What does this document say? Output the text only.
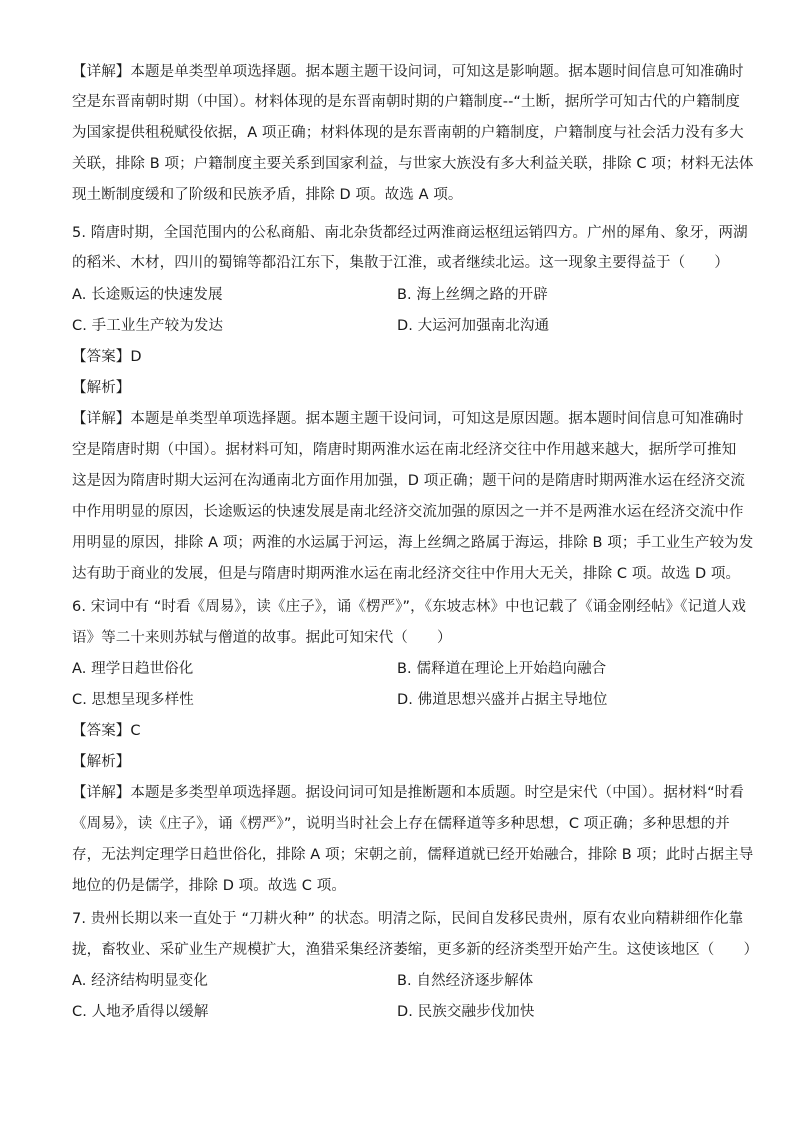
【详解】本题是单类型单项选择题。据本题主题干设问词，可知这是影响题。据本题时间信息可知准确时
空是东晋南朝时期（中国）。材料体现的是东晋南朝时期的户籍制度--“土断，据所学可知古代的户籍制度
为国家提供租税赋役依据，A 项正确；材料体现的是东晋南朝的户籍制度，户籍制度与社会活力没有多大
关联，排除 B 项；户籍制度主要关系到国家利益，与世家大族没有多大利益关联，排除 C 项；材料无法体
现土断制度缓和了阶级和民族矛盾，排除 D 项。故选 A 项。
5. 隋唐时期，全国范围内的公私商船、南北杂货都经过两淮商运枢纽运销四方。广州的犀角、象牙，两湖
的稻米、木材，四川的蜀锦等都沿江东下，集散于江淮，或者继续北运。这一现象主要得益于（　　）
A. 长途贩运的快速发展	B. 海上丝绸之路的开辟
C. 手工业生产较为发达	D. 大运河加强南北沟通
【答案】D
【解析】
【详解】本题是单类型单项选择题。据本题主题干设问词，可知这是原因题。据本题时间信息可知准确时
空是隋唐时期（中国）。据材料可知，隋唐时期两淮水运在南北经济交往中作用越来越大，据所学可推知
这是因为隋唐时期大运河在沟通南北方面作用加强，D 项正确；题干问的是隋唐时期两淮水运在经济交流
中作用明显的原因，长途贩运的快速发展是南北经济交流加强的原因之一并不是两淮水运在经济交流中作
用明显的原因，排除 A 项；两淮的水运属于河运，海上丝绸之路属于海运，排除 B 项；手工业生产较为发
达有助于商业的发展，但是与隋唐时期两淮水运在南北经济交往中作用大无关，排除 C 项。故选 D 项。
6. 宋词中有 “时看《周易》，读《庄子》，诵《楞严》”，《东坡志林》中也记载了《诵金刚经帖》《记道人戏
语》等二十来则苏轼与僧道的故事。据此可知宋代（　　）
A. 理学日趋世俗化	B. 儒释道在理论上开始趋向融合
C. 思想呈现多样性	D. 佛道思想兴盛并占据主导地位
【答案】C
【解析】
【详解】本题是多类型单项选择题。据设问词可知是推断题和本质题。时空是宋代（中国）。据材料“时看
《周易》，读《庄子》，诵《楞严》”，说明当时社会上存在儒释道等多种思想，C 项正确；多种思想的并
存，无法判定理学日趋世俗化，排除 A 项；宋朝之前，儒释道就已经开始融合，排除 B 项；此时占据主导
地位的仍是儒学，排除 D 项。故选 C 项。
7. 贵州长期以来一直处于 “刀耕火种” 的状态。明清之际，民间自发移民贵州，原有农业向精耕细作化靠
拢，畜牧业、采矿业生产规模扩大，渔猎采集经济萎缩，更多新的经济类型开始产生。这使该地区（　　）
A. 经济结构明显变化	B. 自然经济逐步解体
C. 人地矛盾得以缓解	D. 民族交融步伐加快
